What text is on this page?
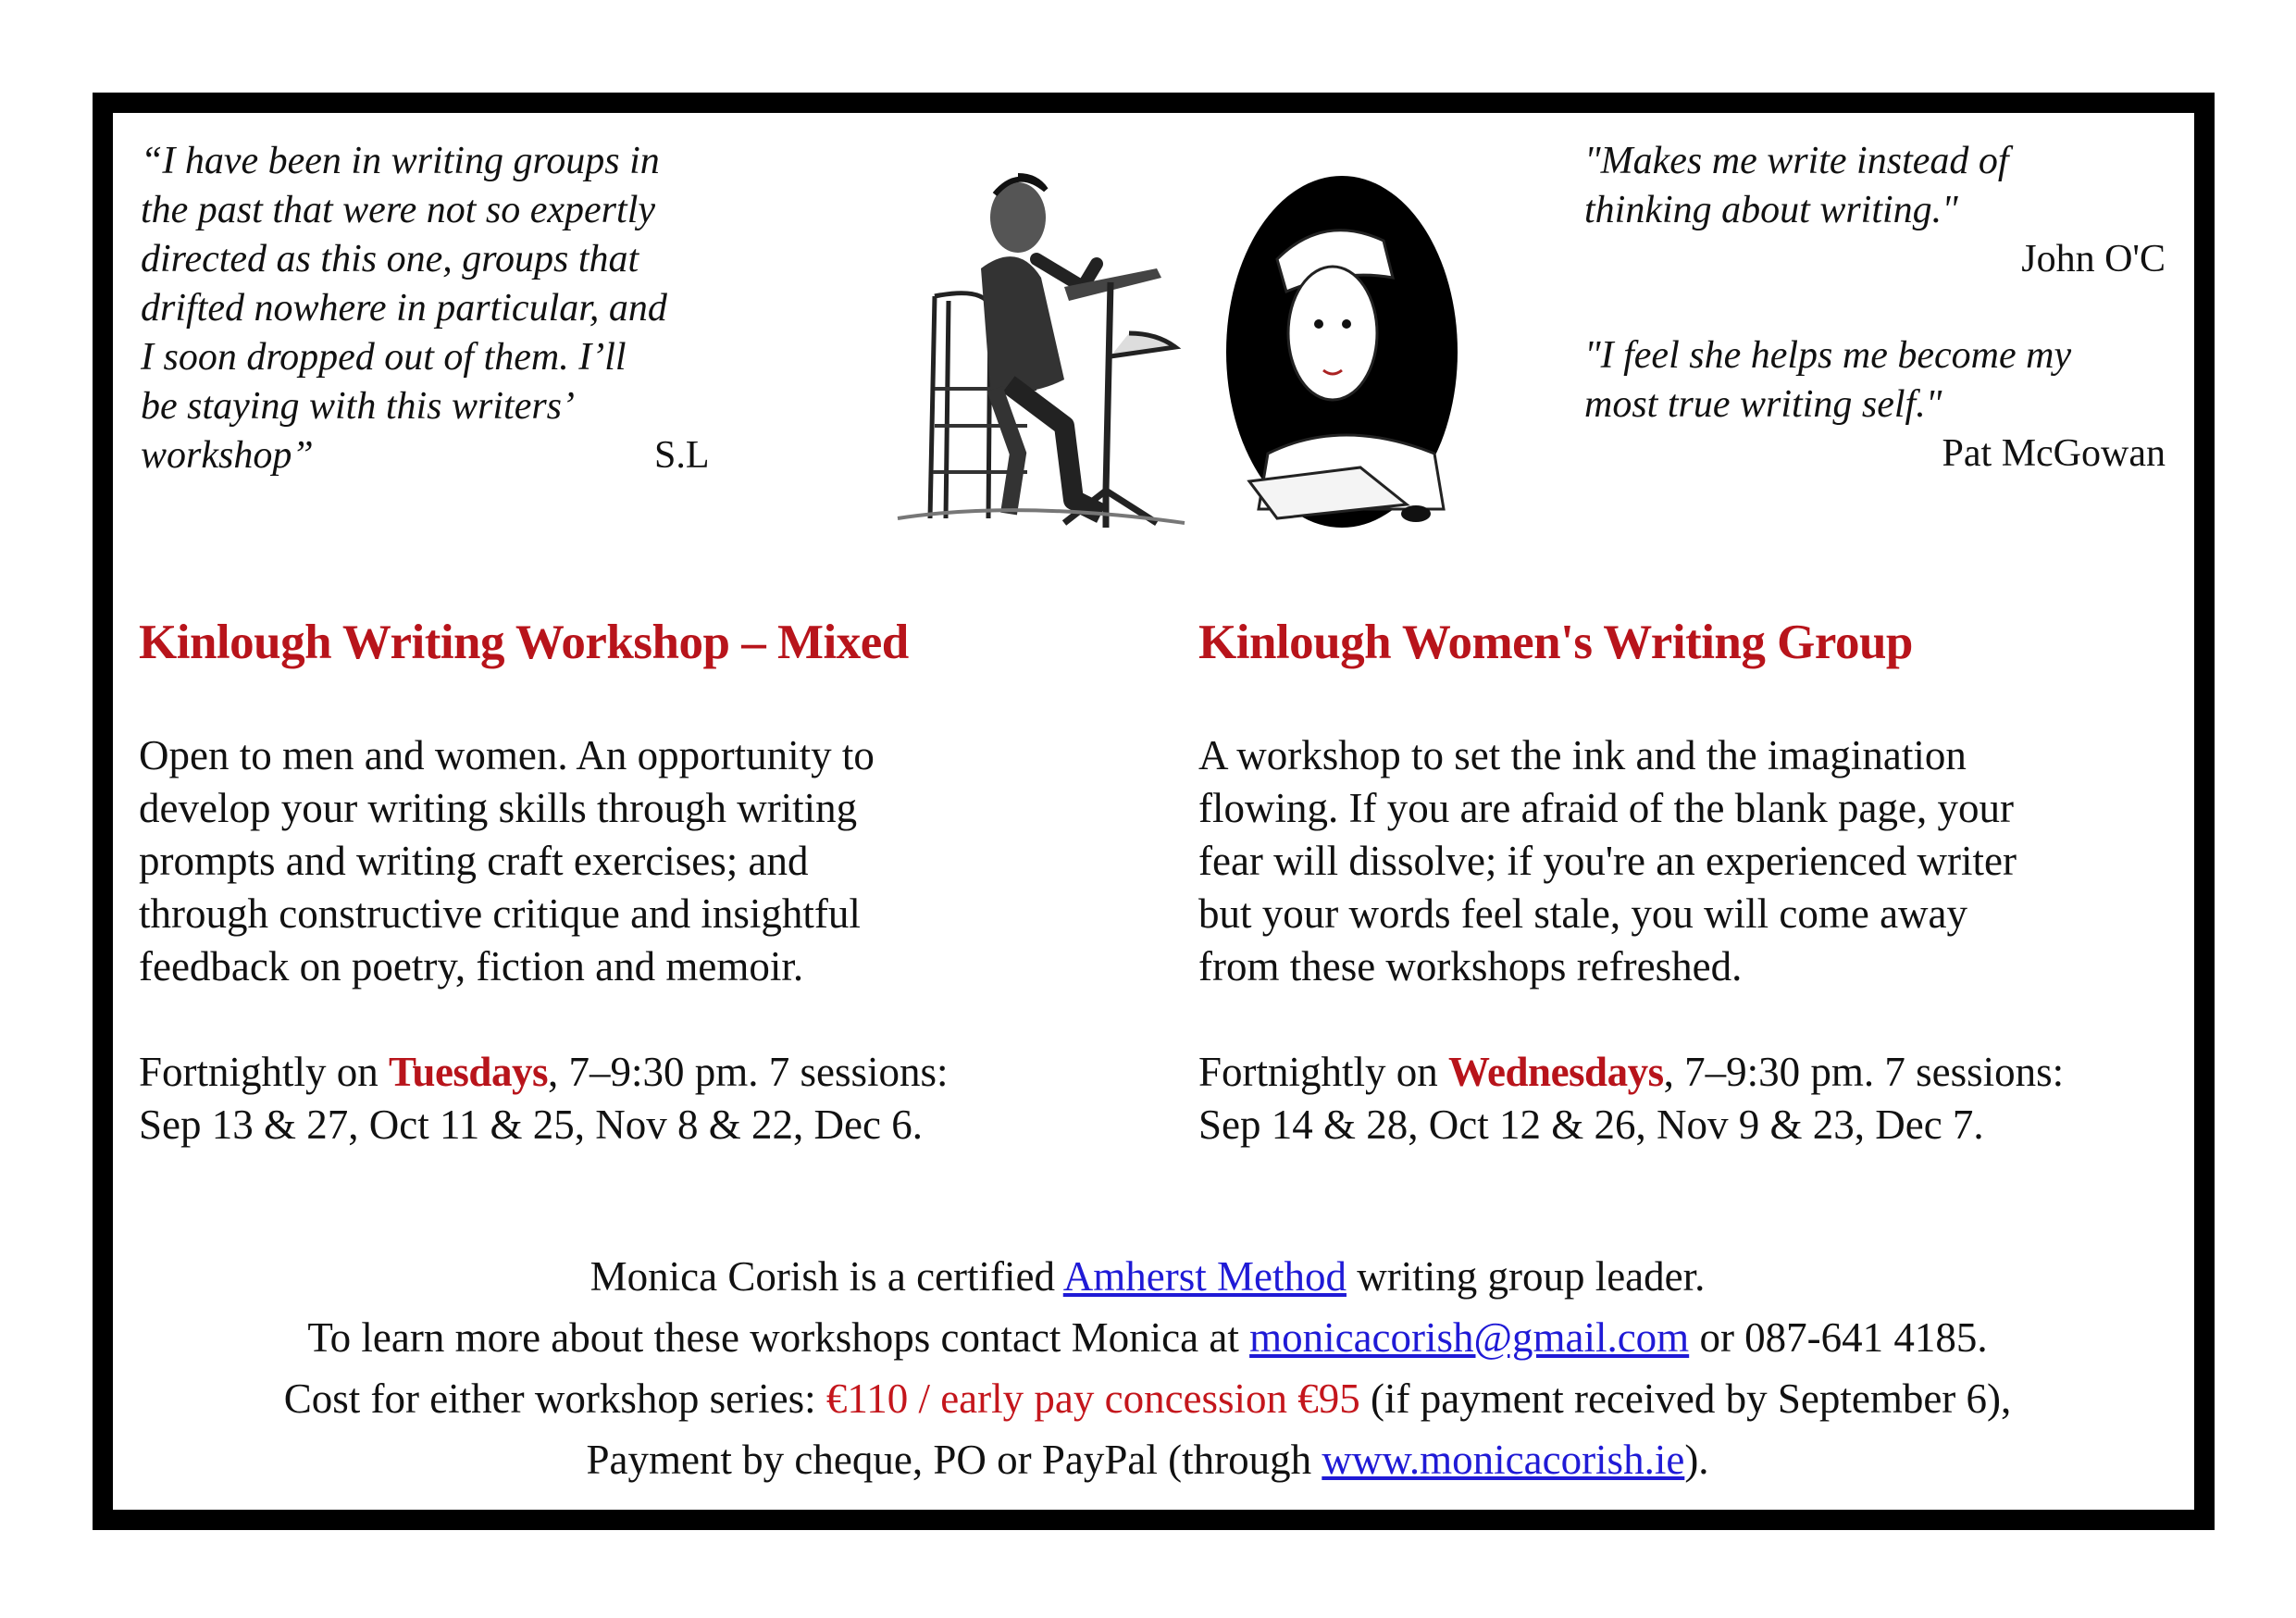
“I have been in writing groups in
the past that were not so expertly
directed as this one, groups that
drifted nowhere in particular, and
I soon dropped out of them. I’ll
be staying with this writers’
workshop”	S.L
"Makes me write instead of
thinking about writing."
John O'C
"I feel she helps me become my
most true writing self."
Pat McGowan
Kinlough Writing Workshop – Mixed
Open to men and women. An opportunity to
develop your writing skills through writing
prompts and writing craft exercises; and
through constructive critique and insightful
feedback on poetry, fiction and memoir.
Fortnightly on Tuesdays, 7–9:30 pm. 7 sessions:
Sep 13 & 27, Oct 11 & 25, Nov 8 & 22, Dec 6.
Kinlough Women's Writing Group
A workshop to set the ink and the imagination
flowing. If you are afraid of the blank page, your
fear will dissolve; if you're an experienced writer
but your words feel stale, you will come away
from these workshops refreshed.
Fortnightly on Wednesdays, 7–9:30 pm. 7 sessions:
Sep 14 & 28, Oct 12 & 26, Nov 9 & 23, Dec 7.
Monica Corish is a certified Amherst Method writing group leader.
To learn more about these workshops contact Monica at monicacorish@gmail.com or 087-641 4185.
Cost for either workshop series: €110 / early pay concession €95 (if payment received by September 6),
Payment by cheque, PO or PayPal (through www.monicacorish.ie).
